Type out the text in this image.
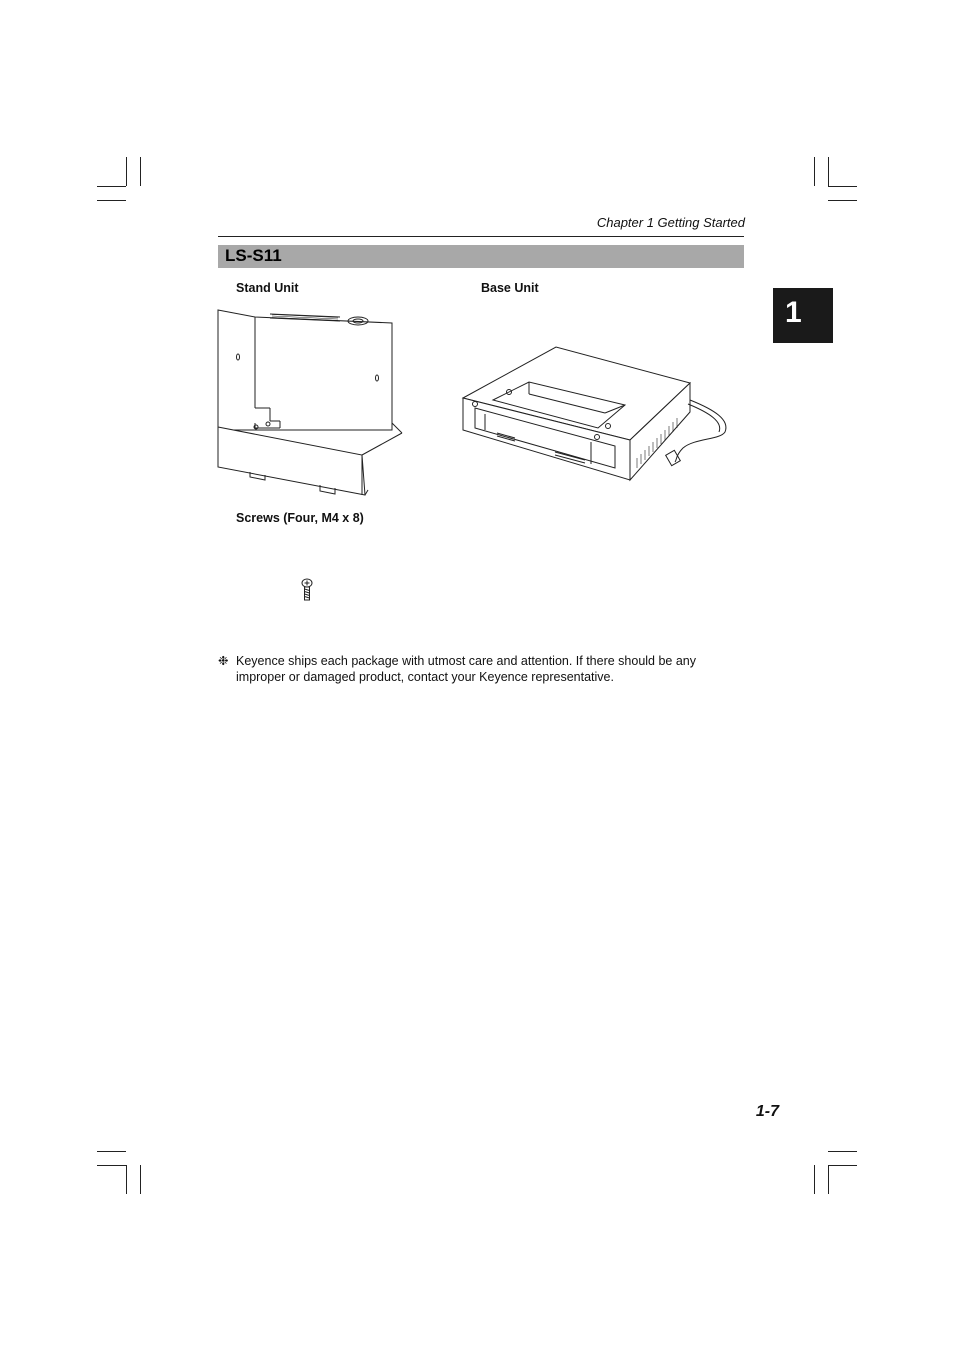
Chapter 1 Getting Started
LS-S11
1
Stand Unit	Base Unit
Screws (Four, M4 x 8)
❉ Keyence ships each package with utmost care and attention. If there should be any improper or damaged product, contact your Keyence representative.
1-7
